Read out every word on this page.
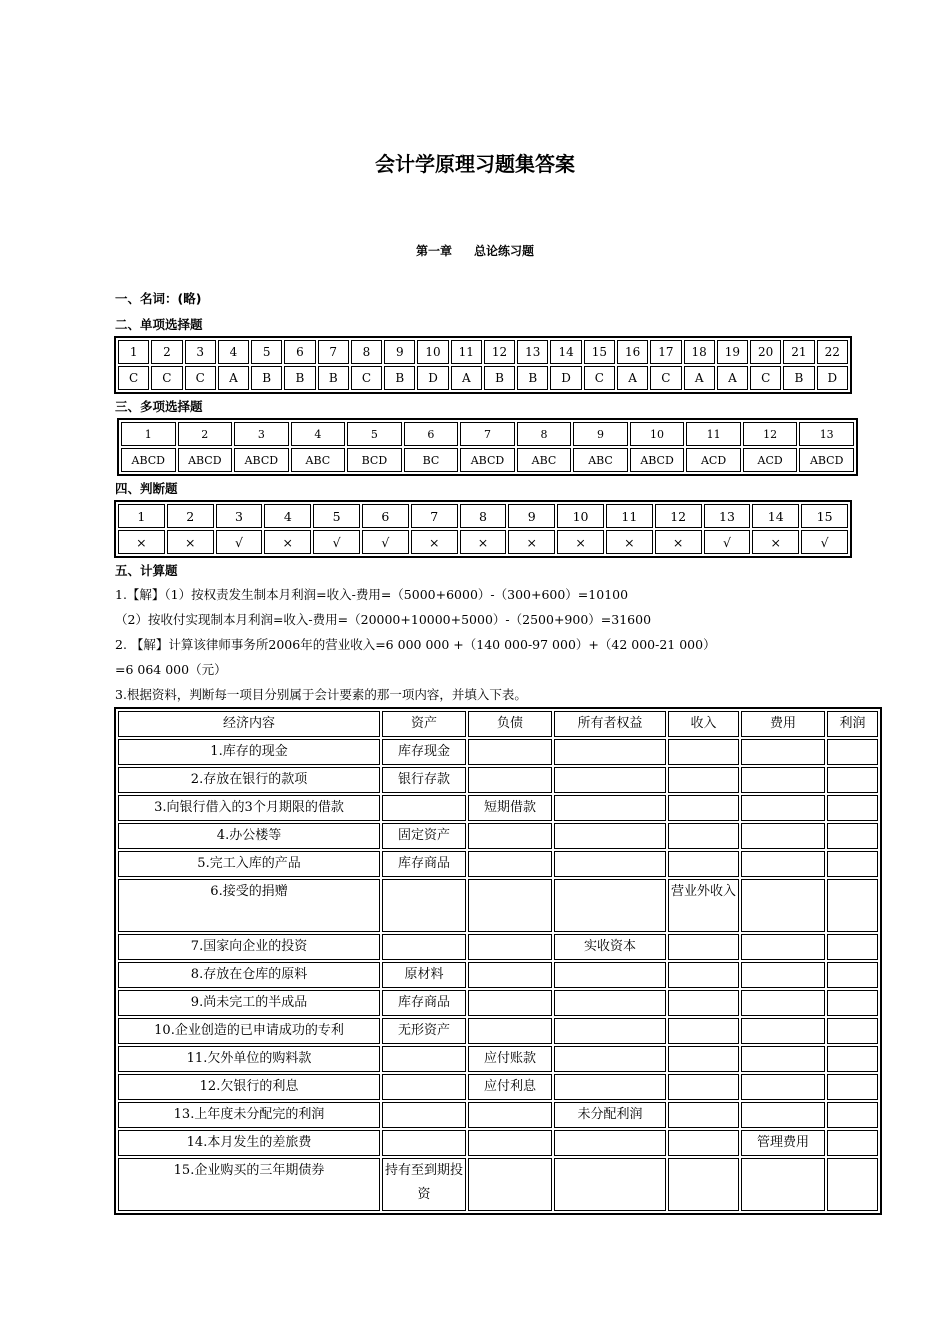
会计学原理习题集答案
第一章 总论练习题
一、名词：(略)
二、单项选择题
1	2	3	4	5	6	7	8	9	10	11	12	13	14	15	16	17	18	19	20	21	22
C	C	C	A	B	B	B	C	B	D	A	B	B	D	C	A	C	A	A	C	B	D
三、多项选择题
1	2	3	4	5	6	7	8	9	10	11	12	13
ABCD	ABCD	ABCD	ABC	BCD	BC	ABCD	ABC	ABC	ABCD	ACD	ACD	ABCD
四、判断题
1	2	3	4	5	6	7	8	9	10	11	12	13	14	15
×	×	√	×	√	√	×	×	×	×	×	×	√	×	√
五、计算题
1.【解】（1）按权责发生制本月利润=收入-费用=（5000+6000）-（300+600）=10100
（2）按收付实现制本月利润=收入-费用=（20000+10000+5000）-（2500+900）=31600
2. 【解】计算该律师事务所2006年的营业收入=6 000 000 +（140 000-97 000）+（42 000-21 000）
=6 064 000（元）
3.根据资料，判断每一项目分别属于会计要素的那一项内容，并填入下表。
经济内容	资产	负债	所有者权益	收入	费用	利润
1.库存的现金	库存现金					
2.存放在银行的款项	银行存款					
3.向银行借入的3个月期限的借款		短期借款				
4.办公楼等	固定资产					
5.完工入库的产品	库存商品					
6.接受的捐赠				营业外收入		
7.国家向企业的投资			实收资本			
8.存放在仓库的原料	原材料					
9.尚未完工的半成品	库存商品					
10.企业创造的已申请成功的专利	无形资产					
11.欠外单位的购料款		应付账款				
12.欠银行的利息		应付利息				
13.上年度未分配完的利润			未分配利润			
14.本月发生的差旅费					管理费用	
15.企业购买的三年期债券	持有至到期投资					
